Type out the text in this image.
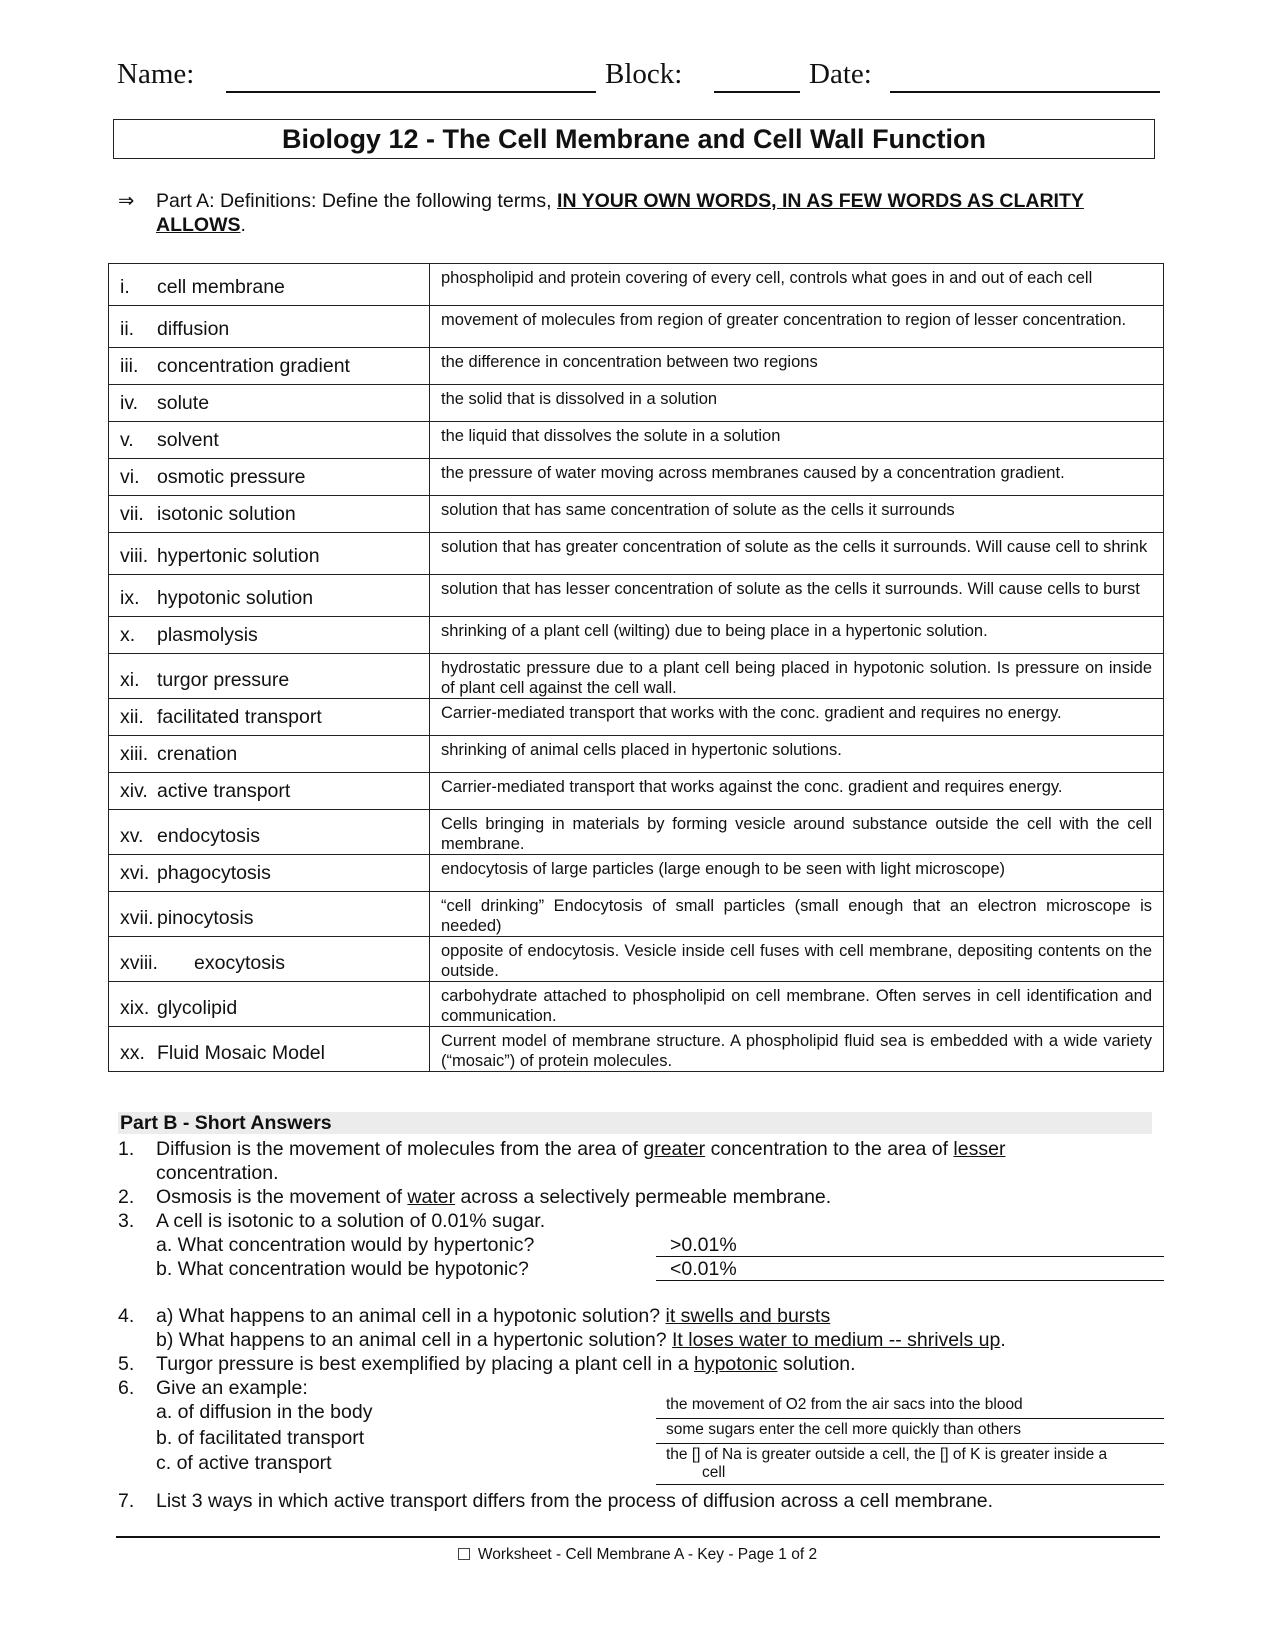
Name:	Block:	Date:
Biology 12 - The Cell Membrane and Cell Wall Function
⇒ Part A: Definitions: Define the following terms, IN YOUR OWN WORDS, IN AS FEW WORDS AS CLARITY ALLOWS.
i. cell membrane	phospholipid and protein covering of every cell, controls what goes in and out of each cell

ii. diffusion	movement of molecules from region of greater concentration to region of lesser concentration.

iii. concentration gradient	the difference in concentration between two regions

iv. solute	the solid that is dissolved in a solution

v. solvent	the liquid that dissolves the solute in a solution

vi. osmotic pressure	the pressure of water moving across membranes caused by a concentration gradient.

vii. isotonic solution	solution that has same concentration of solute as the cells it surrounds

viii. hypertonic solution	solution that has greater concentration of solute as the cells it surrounds. Will cause cell to shrink

ix. hypotonic solution	solution that has lesser concentration of solute as the cells it surrounds. Will cause cells to burst

x. plasmolysis	shrinking of a plant cell (wilting) due to being place in a hypertonic solution.

xi. turgor pressure	hydrostatic pressure due to a plant cell being placed in hypotonic solution. Is pressure on inside of plant cell against the cell wall.

xii. facilitated transport	Carrier-mediated transport that works with the conc. gradient and requires no energy.

xiii. crenation	shrinking of animal cells placed in hypertonic solutions.

xiv. active transport	Carrier-mediated transport that works against the conc. gradient and requires energy.

xv. endocytosis	Cells bringing in materials by forming vesicle around substance outside the cell with the cell membrane.

xvi. phagocytosis	endocytosis of large particles (large enough to be seen with light microscope)

xvii. pinocytosis	“cell drinking” Endocytosis of small particles (small enough that an electron microscope is needed)

xviii. exocytosis	opposite of endocytosis. Vesicle inside cell fuses with cell membrane, depositing contents on the outside.

xix. glycolipid	carbohydrate attached to phospholipid on cell membrane. Often serves in cell identification and communication.

xx. Fluid Mosaic Model	Current model of membrane structure. A phospholipid fluid sea is embedded with a wide variety (“mosaic”) of protein molecules.
Part B - Short Answers
1. Diffusion is the movement of molecules from the area of greater concentration to the area of lesser
concentration.
2. Osmosis is the movement of water across a selectively permeable membrane.
3. A cell is isotonic to a solution of 0.01% sugar.
a. What concentration would by hypertonic?	>0.01%
b. What concentration would be hypotonic?	<0.01%
4. a) What happens to an animal cell in a hypotonic solution? it swells and bursts
b) What happens to an animal cell in a hypertonic solution? It loses water to medium -- shrivels up.
5. Turgor pressure is best exemplified by placing a plant cell in a hypotonic solution.
6. Give an example:
a. of diffusion in the body	the movement of O2 from the air sacs into the blood
b. of facilitated transport	some sugars enter the cell more quickly than others
c. of active transport	the [] of Na is greater outside a cell, the [] of K is greater inside a
cell
7. List 3 ways in which active transport differs from the process of diffusion across a cell membrane.
Worksheet - Cell Membrane A - Key - Page 1 of 2
